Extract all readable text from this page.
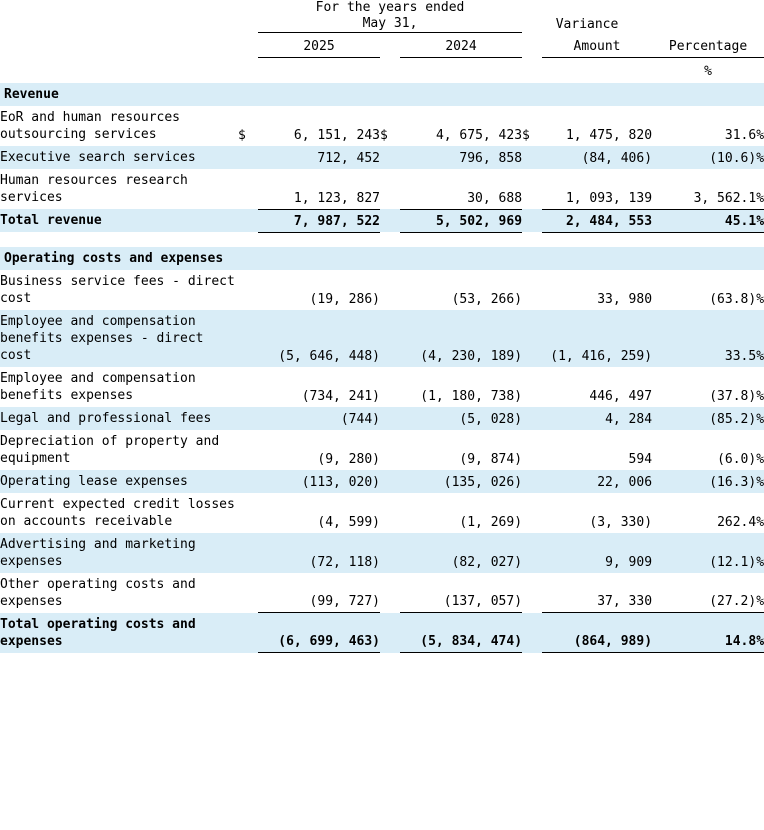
		For the years ended
May 31,			Variance		
		2025		2024		Amount	Percentage
							%
Revenue							
EoR and human resources outsourcing services	$	6, 151, 243	$	4, 675, 423	$	1, 475, 820	31.6%
Executive search services		712, 452		796, 858		(84, 406)	(10.6)%
Human resources research services		1, 123, 827		30, 688		1, 093, 139	3, 562.1%
Total revenue		7, 987, 522		5, 502, 969		2, 484, 553	45.1%

Operating costs and expenses							
Business service fees ‐ direct cost		(19, 286)		(53, 266)		33, 980	(63.8)%
Employee and compensation benefits expenses ‐ direct cost		(5, 646, 448)		(4, 230, 189)		(1, 416, 259)	33.5%
Employee and compensation benefits expenses		(734, 241)		(1, 180, 738)		446, 497	(37.8)%
Legal and professional fees		(744)		(5, 028)		4, 284	(85.2)%
Depreciation of property and equipment		(9, 280)		(9, 874)		594	(6.0)%
Operating lease expenses		(113, 020)		(135, 026)		22, 006	(16.3)%
Current expected credit losses on accounts receivable		(4, 599)		(1, 269)		(3, 330)	262.4%
Advertising and marketing expenses		(72, 118)		(82, 027)		9, 909	(12.1)%
Other operating costs and expenses		(99, 727)		(137, 057)		37, 330	(27.2)%
Total operating costs and expenses		(6, 699, 463)		(5, 834, 474)		(864, 989)	14.8%
